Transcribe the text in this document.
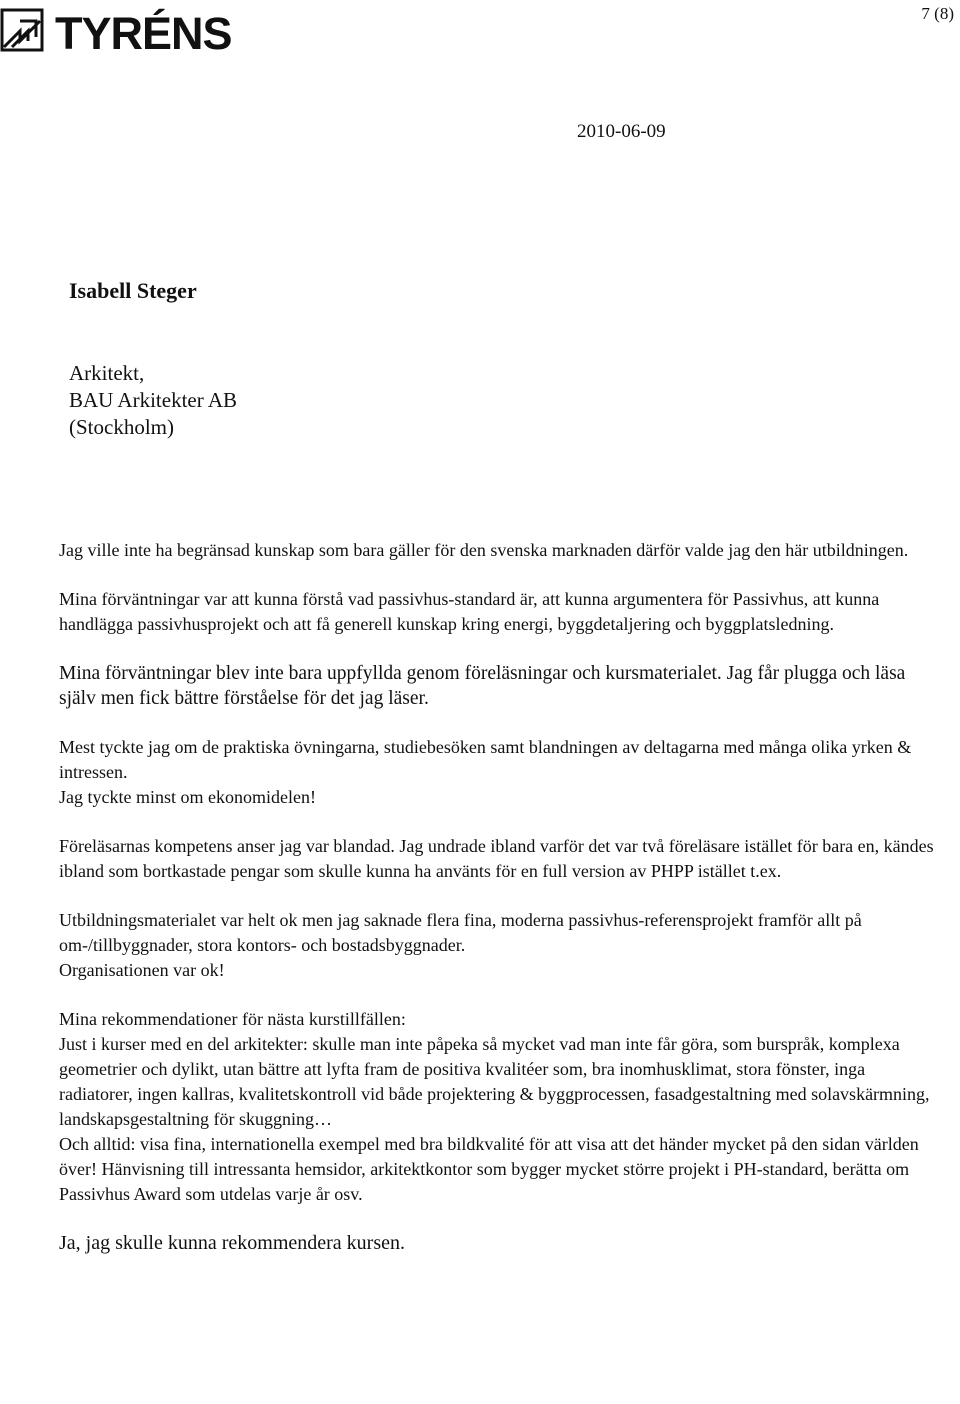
TYRÉNS	7 (8)
2010-06-09
Isabell Steger
Arkitekt,
BAU Arkitekter AB
(Stockholm)

Jag ville inte ha begränsad kunskap som bara gäller för den svenska marknaden därför valde jag den här utbildningen.

Mina förväntningar var att kunna förstå vad passivhus-standard är, att kunna argumentera för Passivhus, att kunna handlägga passivhusprojekt och att få generell kunskap kring energi, byggdetaljering och byggplatsledning.

Mina förväntningar blev inte bara uppfyllda genom föreläsningar och kursmaterialet. Jag får plugga och läsa själv men fick bättre förståelse för det jag läser.

Mest tyckte jag om de praktiska övningarna, studiebesöken samt blandningen av deltagarna med många olika yrken & intressen.
Jag tyckte minst om ekonomidelen!

Föreläsarnas kompetens anser jag var blandad. Jag undrade ibland varför det var två föreläsare istället för bara en, kändes ibland som bortkastade pengar som skulle kunna ha använts för en full version av PHPP istället t.ex.

Utbildningsmaterialet var helt ok men jag saknade flera fina, moderna passivhus-referensprojekt framför allt på om-/tillbyggnader, stora kontors- och bostadsbyggnader.
Organisationen var ok!

Mina rekommendationer för nästa kurstillfällen:
Just i kurser med en del arkitekter: skulle man inte påpeka så mycket vad man inte får göra, som burspråk, komplexa geometrier och dylikt, utan bättre att lyfta fram de positiva kvalitéer som, bra inomhusklimat, stora fönster, inga radiatorer, ingen kallras, kvalitetskontroll vid både projektering & byggprocessen, fasadgestaltning med solavskärmning, landskapsgestaltning för skuggning…
Och alltid: visa fina, internationella exempel med bra bildkvalité för att visa att det händer mycket på den sidan världen över! Hänvisning till intressanta hemsidor, arkitektkontor som bygger mycket större projekt i PH-standard, berätta om Passivhus Award som utdelas varje år osv.

Ja, jag skulle kunna rekommendera kursen.
